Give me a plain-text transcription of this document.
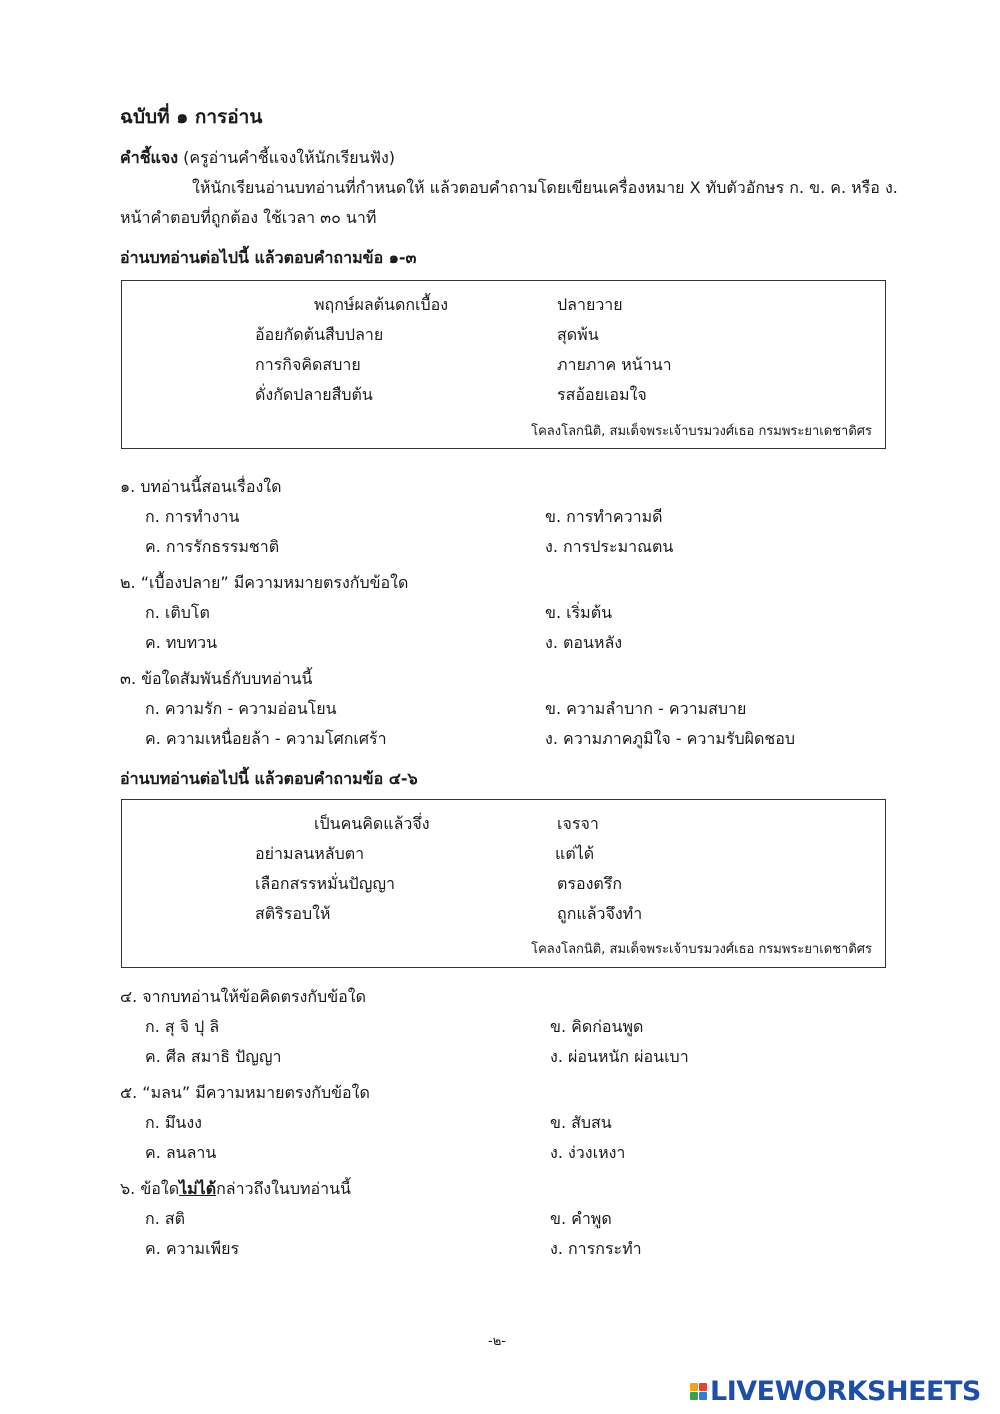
ฉบับที่ ๑ การอ่าน
คำชี้แจง (ครูอ่านคำชี้แจงให้นักเรียนฟัง)
ให้นักเรียนอ่านบทอ่านที่กำหนดให้ แล้วตอบคำถามโดยเขียนเครื่องหมาย X ทับตัวอักษร ก. ข. ค. หรือ ง.
หน้าคำตอบที่ถูกต้อง ใช้เวลา ๓๐ นาที
อ่านบทอ่านต่อไปนี้ แล้วตอบคำถามข้อ ๑-๓
พฤกษ์ผลต้นดกเบื้อง	ปลายวาย
อ้อยกัดต้นสืบปลาย	สุดพ้น
การกิจคิดสบาย	ภายภาค หน้านา
ดั่งกัดปลายสืบต้น	รสอ้อยเอมใจ
โคลงโลกนิติ, สมเด็จพระเจ้าบรมวงศ์เธอ กรมพระยาเดชาดิศร
๑. บทอ่านนี้สอนเรื่องใด
ก. การทำงาน	ข. การทำความดี
ค. การรักธรรมชาติ	ง. การประมาณตน
๒. “เบื้องปลาย” มีความหมายตรงกับข้อใด
ก. เติบโต	ข. เริ่มต้น
ค. ทบทวน	ง. ตอนหลัง
๓. ข้อใดสัมพันธ์กับบทอ่านนี้
ก. ความรัก - ความอ่อนโยน	ข. ความลำบาก - ความสบาย
ค. ความเหนื่อยล้า - ความโศกเศร้า	ง. ความภาคภูมิใจ - ความรับผิดชอบ
อ่านบทอ่านต่อไปนี้ แล้วตอบคำถามข้อ ๔-๖
เป็นคนคิดแล้วจึ่ง	เจรจา
อย่ามลนหลับตา	แต่ได้
เลือกสรรหมั่นปัญญา	ตรองตรึก
สติริรอบให้	ถูกแล้วจึงทำ
โคลงโลกนิติ, สมเด็จพระเจ้าบรมวงศ์เธอ กรมพระยาเดชาดิศร
๔. จากบทอ่านให้ข้อคิดตรงกับข้อใด
ก. สุ จิ ปุ ลิ	ข. คิดก่อนพูด
ค. ศีล สมาธิ ปัญญา	ง. ผ่อนหนัก ผ่อนเบา
๕. “มลน” มีความหมายตรงกับข้อใด
ก. มึนงง	ข. สับสน
ค. ลนลาน	ง. ง่วงเหงา
๖. ข้อใดไม่ได้กล่าวถึงในบทอ่านนี้
ก. สติ	ข. คำพูด
ค. ความเพียร	ง. การกระทำ
-๒-
LIVEWORKSHEETS
